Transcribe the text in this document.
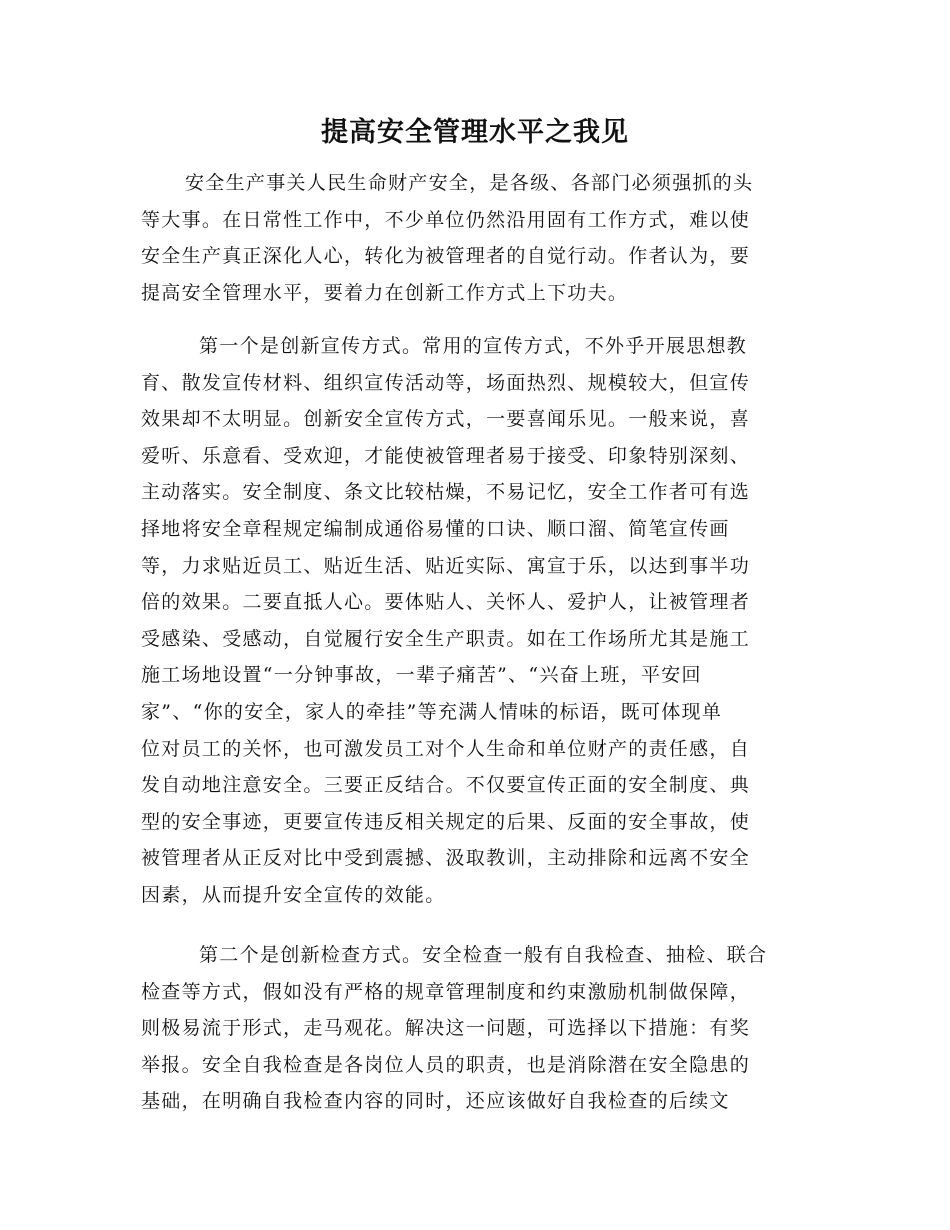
提高安全管理水平之我见
安全生产事关人民生命财产安全，是各级、各部门必须强抓的头
等大事。在日常性工作中，不少单位仍然沿用固有工作方式，难以使
安全生产真正深化人心，转化为被管理者的自觉行动。作者认为，要
提高安全管理水平，要着力在创新工作方式上下功夫。
第一个是创新宣传方式。常用的宣传方式，不外乎开展思想教
育、散发宣传材料、组织宣传活动等，场面热烈、规模较大，但宣传
效果却不太明显。创新安全宣传方式，一要喜闻乐见。一般来说，喜
爱听、乐意看、受欢迎，才能使被管理者易于接受、印象特别深刻、
主动落实。安全制度、条文比较枯燥，不易记忆，安全工作者可有选
择地将安全章程规定编制成通俗易懂的口诀、顺口溜、简笔宣传画
等，力求贴近员工、贴近生活、贴近实际、寓宣于乐，以达到事半功
倍的效果。二要直抵人心。要体贴人、关怀人、爱护人，让被管理者
受感染、受感动，自觉履行安全生产职责。如在工作场所尤其是施工
施工场地设置“一分钟事故，一辈子痛苦”、“兴奋上班，平安回
家”、“你的安全，家人的牵挂”等充满人情味的标语，既可体现单
位对员工的关怀，也可激发员工对个人生命和单位财产的责任感，自
发自动地注意安全。三要正反结合。不仅要宣传正面的安全制度、典
型的安全事迹，更要宣传违反相关规定的后果、反面的安全事故，使
被管理者从正反对比中受到震撼、汲取教训，主动排除和远离不安全
因素，从而提升安全宣传的效能。
第二个是创新检查方式。安全检查一般有自我检查、抽检、联合
检查等方式，假如没有严格的规章管理制度和约束激励机制做保障，
则极易流于形式，走马观花。解决这一问题，可选择以下措施：有奖
举报。安全自我检查是各岗位人员的职责，也是消除潜在安全隐患的
基础，在明确自我检查内容的同时，还应该做好自我检查的后续文
